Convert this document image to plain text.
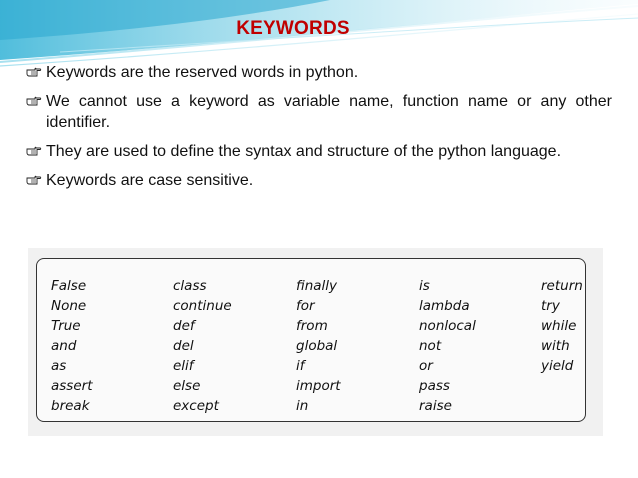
KEYWORDS
Keywords are the reserved words in python.
We cannot use a keyword as variable name, function name or any other identifier.
They are used to define the syntax and structure of the python language.
Keywords are case sensitive.
False
None
True
and
as
assert
break
class
continue
def
del
elif
else
except
finally
for
from
global
if
import
in
is
lambda
nonlocal
not
or
pass
raise
return
try
while
with
yield
